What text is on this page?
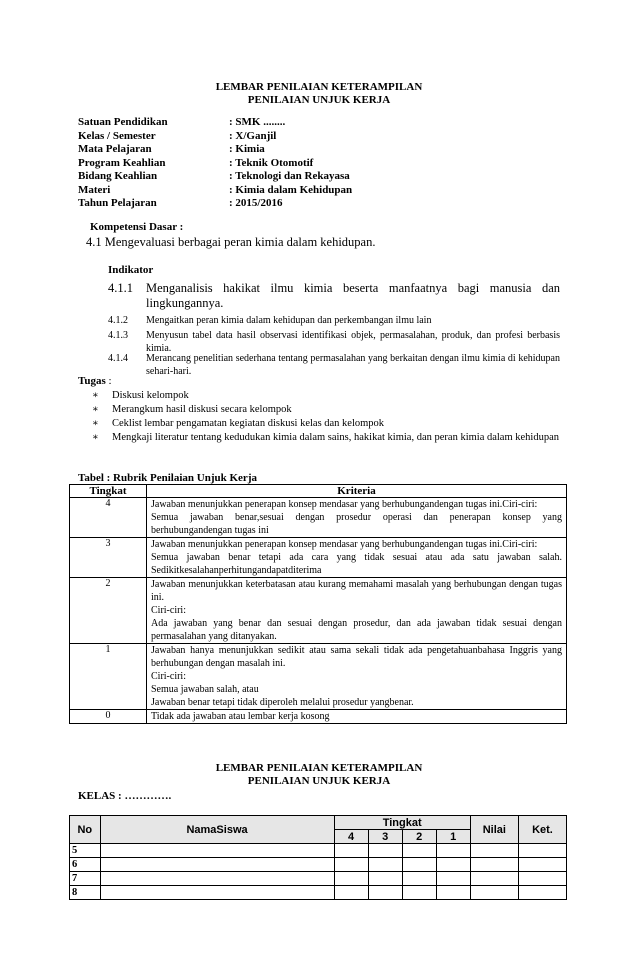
LEMBAR PENILAIAN KETERAMPILAN
PENILAIAN UNJUK KERJA
Satuan Pendidikan	: SMK ........
Kelas / Semester	: X/Ganjil
Mata Pelajaran	: Kimia
Program Keahlian	: Teknik Otomotif
Bidang Keahlian	: Teknologi dan Rekayasa
Materi	: Kimia dalam Kehidupan
Tahun Pelajaran	: 2015/2016
Kompetensi Dasar :
4.1 Mengevaluasi berbagai peran kimia dalam kehidupan.
Indikator
4.1.1 Menganalisis hakikat ilmu kimia beserta manfaatnya bagi manusia dan lingkungannya.
4.1.2 Mengaitkan peran kimia dalam kehidupan dan perkembangan ilmu lain
4.1.3 Menyusun tabel data hasil observasi identifikasi objek, permasalahan, produk, dan profesi berbasis kimia.
4.1.4 Merancang penelitian sederhana tentang permasalahan yang berkaitan dengan ilmu kimia di kehidupan sehari-hari.
Tugas :
∗ Diskusi kelompok
∗ Merangkum hasil diskusi secara kelompok
∗ Ceklist lembar pengamatan kegiatan diskusi kelas dan kelompok
∗ Mengkaji literatur tentang kedudukan kimia dalam sains, hakikat kimia, dan peran kimia dalam kehidupan
Tabel : Rubrik Penilaian Unjuk Kerja
Tingkat	Kriteria
4	Jawaban menunjukkan penerapan konsep mendasar yang berhubungandengan tugas ini.Ciri-ciri:
Semua jawaban benar,sesuai dengan prosedur operasi dan penerapan konsep yang berhubungandengan tugas ini

3	Jawaban menunjukkan penerapan konsep mendasar yang berhubungandengan tugas ini.Ciri-ciri:
Semua jawaban benar tetapi ada cara yang tidak sesuai atau ada satu jawaban salah. Sedikitkesalahanperhitungandapatditerima

2	Jawaban menunjukkan keterbatasan atau kurang memahami masalah yang berhubungan dengan tugas ini.
Ciri-ciri:
Ada jawaban yang benar dan sesuai dengan prosedur, dan ada jawaban tidak sesuai dengan permasalahan yang ditanyakan.

1	Jawaban hanya menunjukkan sedikit atau sama sekali tidak ada pengetahuanbahasa Inggris yang berhubungan dengan masalah ini.
Ciri-ciri:
Semua jawaban salah, atau
Jawaban benar tetapi tidak diperoleh melalui prosedur yangbenar.

0	Tidak ada jawaban atau lembar kerja kosong
LEMBAR PENILAIAN KETERAMPILAN
PENILAIAN UNJUK KERJA
KELAS : ………….
No	NamaSiswa	Tingkat				Nilai	Ket.
		4	3	2	1		
5							
6							
7							
8							
